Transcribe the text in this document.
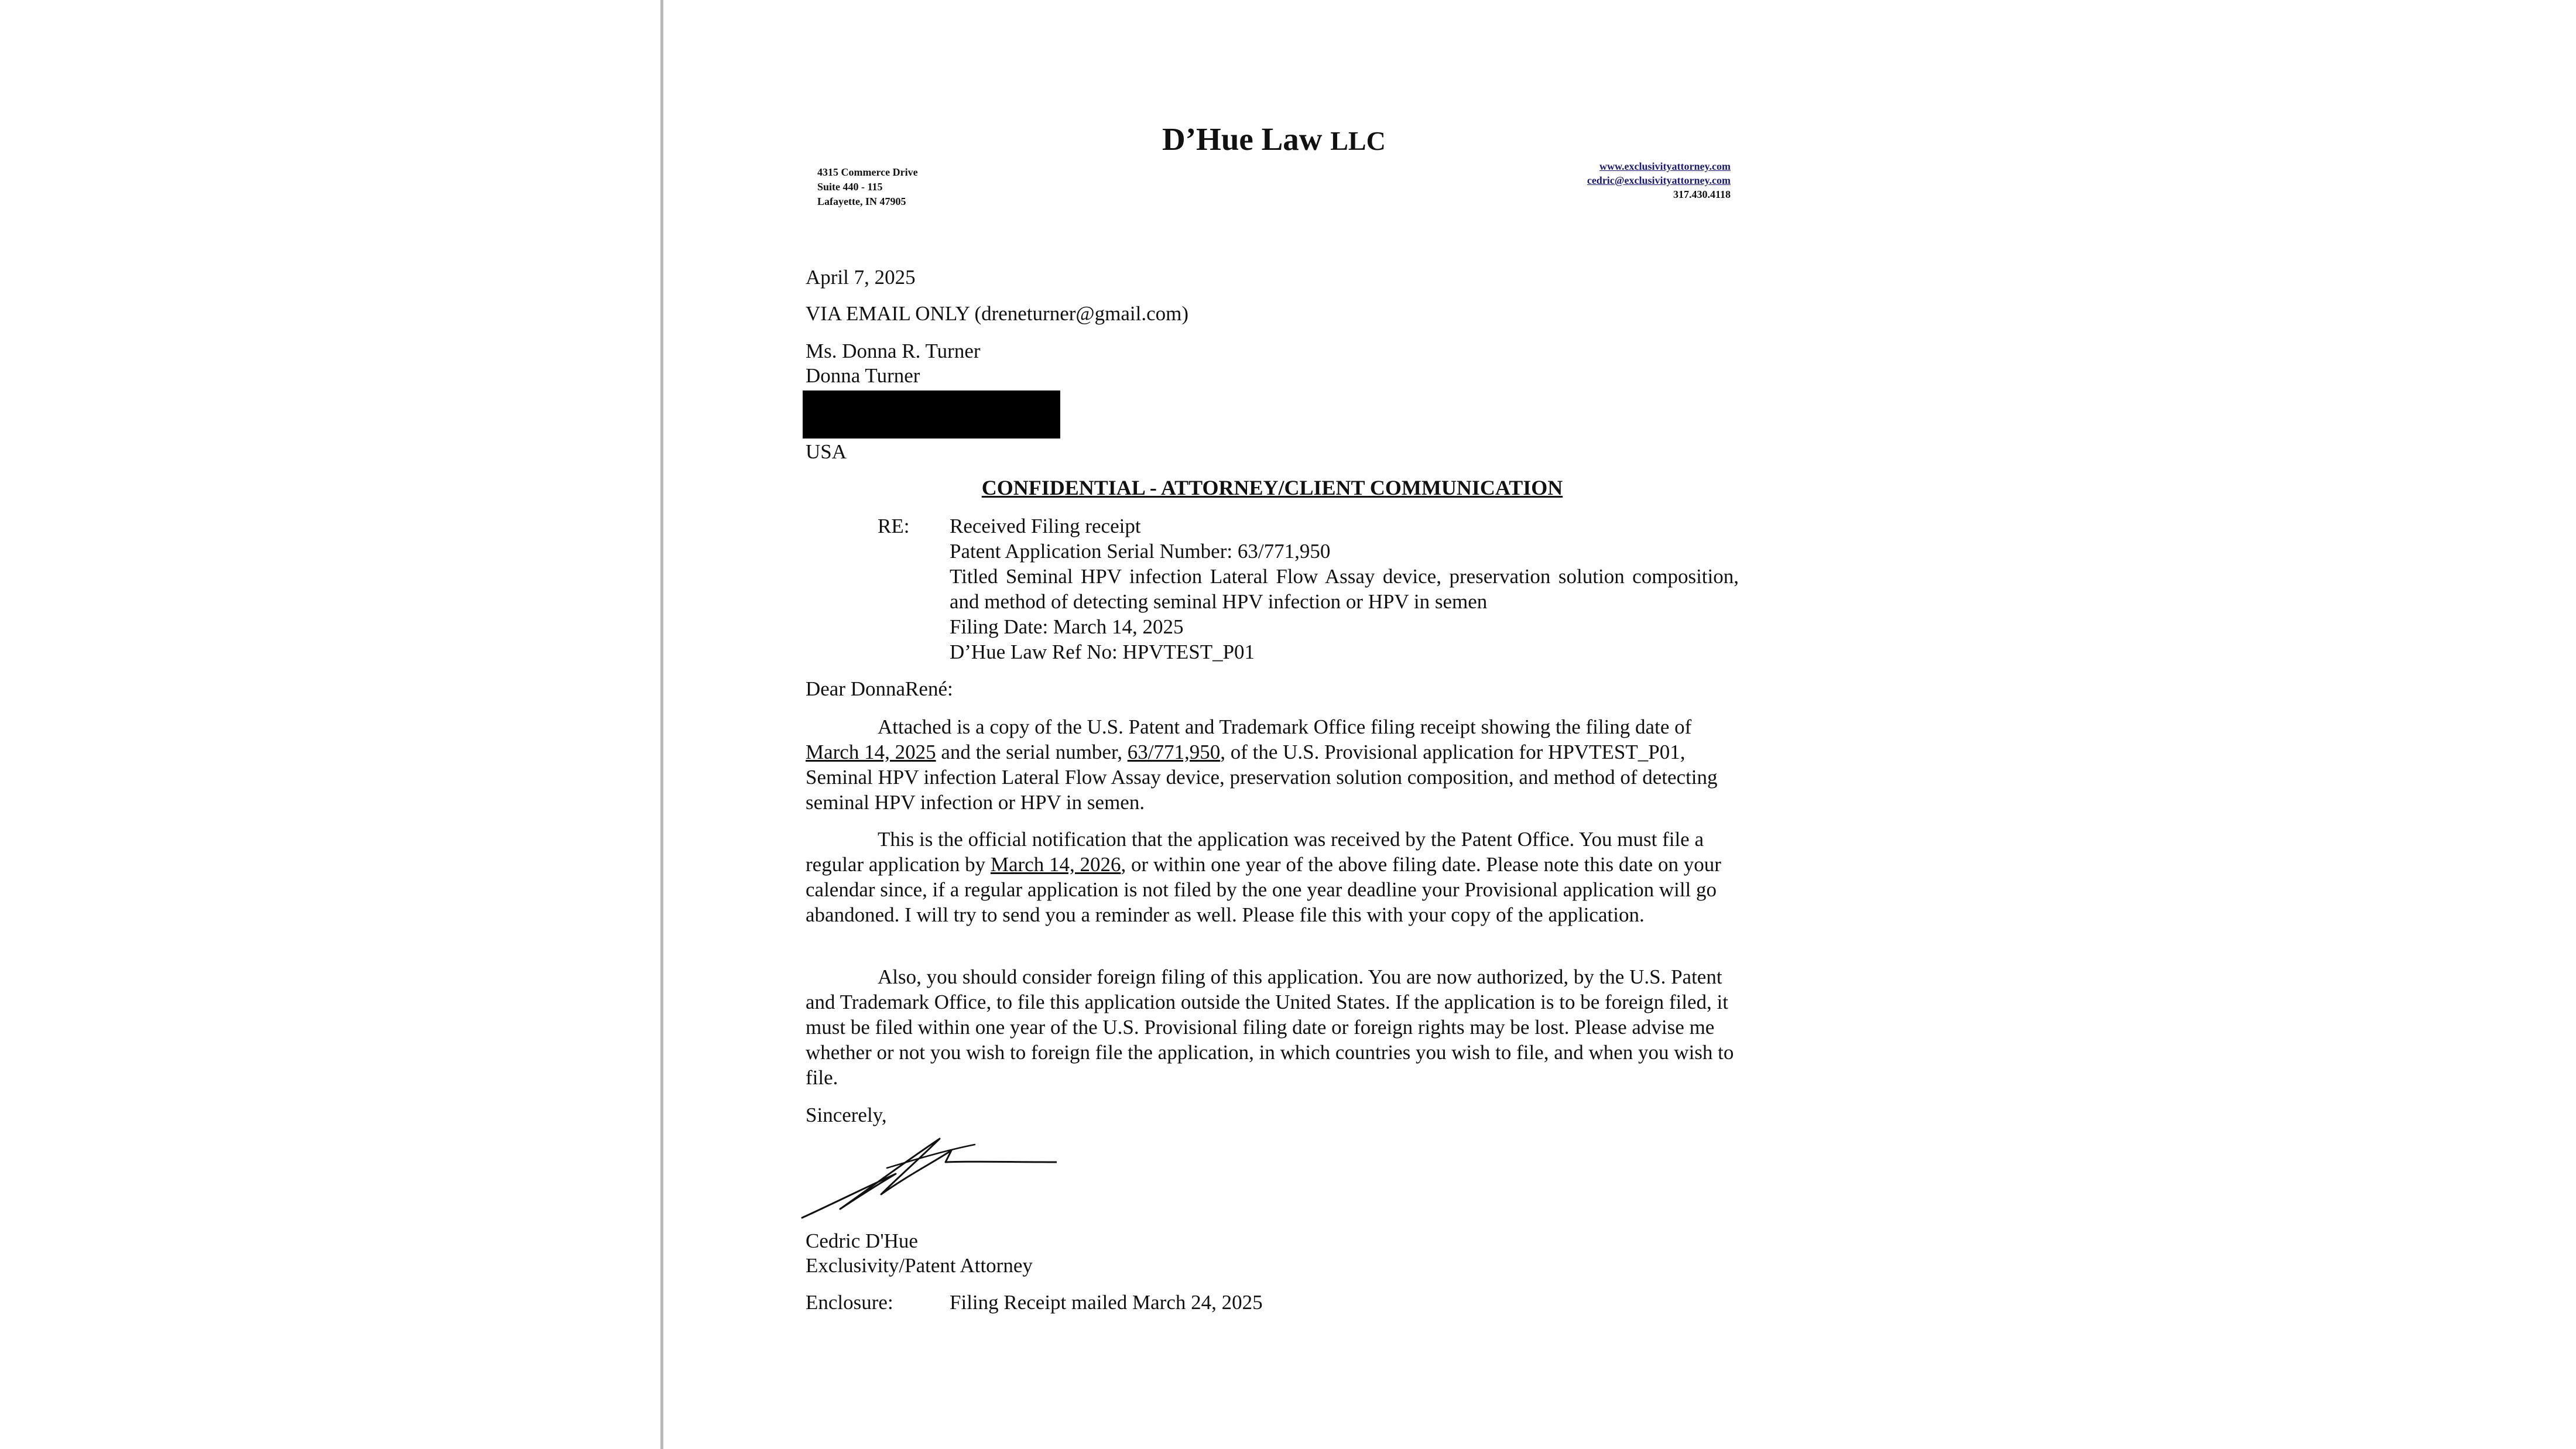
D’Hue Law LLC
4315 Commerce Drive
Suite 440 - 115
Lafayette, IN 47905
www.exclusivityattorney.com
cedric@exclusivityattorney.com
317.430.4118

April 7, 2025

VIA EMAIL ONLY (dreneturner@gmail.com)

Ms. Donna R. Turner

Donna Turner

USA

CONFIDENTIAL - ATTORNEY/CLIENT COMMUNICATION

RE: Received Filing receipt
Patent Application Serial Number: 63/771,950
Titled Seminal HPV infection Lateral Flow Assay device, preservation solution composition, and method of detecting seminal HPV infection or HPV in semen
Filing Date: March 14, 2025
D’Hue Law Ref No: HPVTEST_P01

Dear DonnaRené:

Attached is a copy of the U.S. Patent and Trademark Office filing receipt showing the filing date of March 14, 2025 and the serial number, 63/771,950, of the U.S. Provisional application for HPVTEST_P01, Seminal HPV infection Lateral Flow Assay device, preservation solution composition, and method of detecting seminal HPV infection or HPV in semen.

This is the official notification that the application was received by the Patent Office. You must file a regular application by March 14, 2026, or within one year of the above filing date. Please note this date on your calendar since, if a regular application is not filed by the one year deadline your Provisional application will go abandoned. I will try to send you a reminder as well. Please file this with your copy of the application.

Also, you should consider foreign filing of this application. You are now authorized, by the U.S. Patent and Trademark Office, to file this application outside the United States. If the application is to be foreign filed, it must be filed within one year of the U.S. Provisional filing date or foreign rights may be lost. Please advise me whether or not you wish to foreign file the application, in which countries you wish to file, and when you wish to file.

Sincerely,

Cedric D'Hue

Exclusivity/Patent Attorney

Enclosure:	Filing Receipt mailed March 24, 2025
